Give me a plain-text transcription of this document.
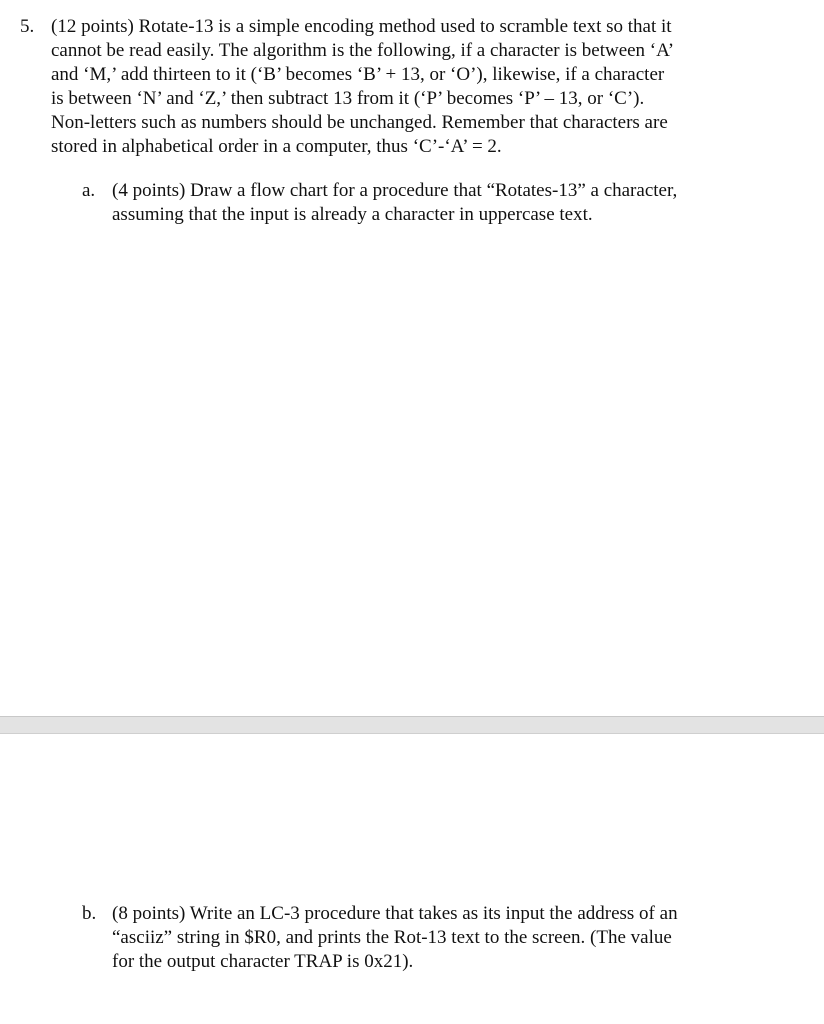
5. (12 points) Rotate-13 is a simple encoding method used to scramble text so that it
cannot be read easily. The algorithm is the following, if a character is between ‘A’
and ‘M,’ add thirteen to it (‘B’ becomes ‘B’ + 13, or ‘O’), likewise, if a character
is between ‘N’ and ‘Z,’ then subtract 13 from it (‘P’ becomes ‘P’ – 13, or ‘C’).
Non-letters such as numbers should be unchanged. Remember that characters are
stored in alphabetical order in a computer, thus ‘C’-‘A’ = 2.
a. (4 points) Draw a flow chart for a procedure that “Rotates-13” a character,
assuming that the input is already a character in uppercase text.
b. (8 points) Write an LC-3 procedure that takes as its input the address of an
“asciiz” string in $R0, and prints the Rot-13 text to the screen. (The value
for the output character TRAP is 0x21).
